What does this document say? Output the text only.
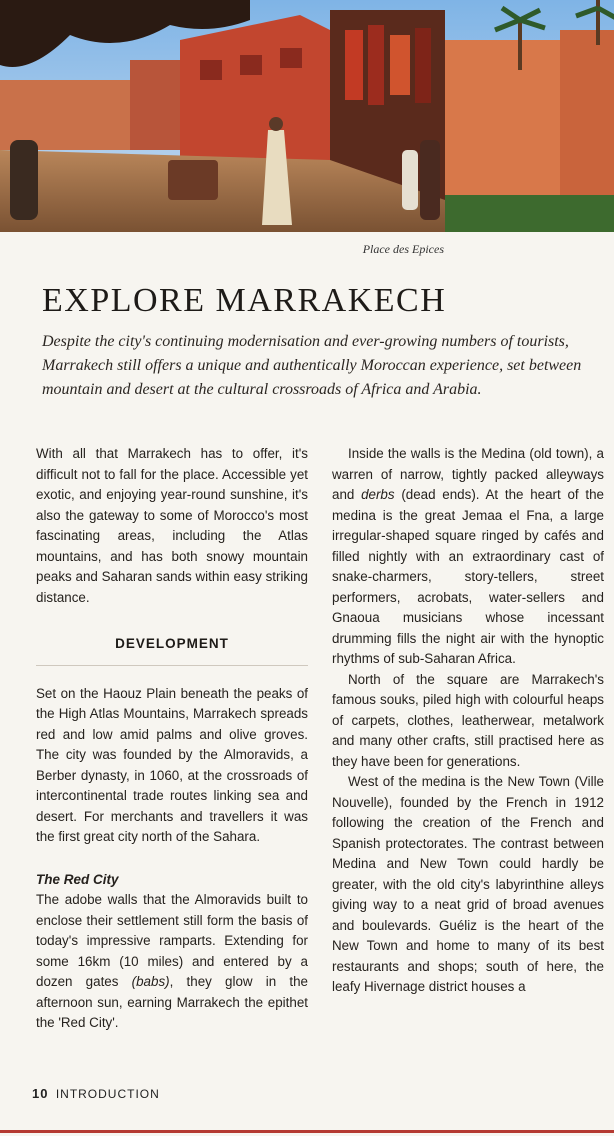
Place des Epices
EXPLORE MARRAKECH

Despite the city's continuing modernisation and ever-growing numbers of tourists, Marrakech still offers a unique and authentically Moroccan experience, set between mountain and desert at the cultural crossroads of Africa and Arabia.

With all that Marrakech has to offer, it's difficult not to fall for the place. Accessible yet exotic, and enjoying year-round sunshine, it's also the gateway to some of Morocco's most fascinating areas, including the Atlas mountains, and has both snowy mountain peaks and Saharan sands within easy striking distance.

DEVELOPMENT

Set on the Haouz Plain beneath the peaks of the High Atlas Mountains, Marrakech spreads red and low amid palms and olive groves. The city was founded by the Almoravids, a Berber dynasty, in 1060, at the crossroads of intercontinental trade routes linking sea and desert. For merchants and travellers it was the first great city north of the Sahara.

The Red City

The adobe walls that the Almoravids built to enclose their settlement still form the basis of today's impressive ramparts. Extending for some 16km (10 miles) and entered by a dozen gates (babs), they glow in the afternoon sun, earning Marrakech the epithet the 'Red City'.

Inside the walls is the Medina (old town), a warren of narrow, tightly packed alleyways and derbs (dead ends). At the heart of the medina is the great Jemaa el Fna, a large irregular-shaped square ringed by cafés and filled nightly with an extraordinary cast of snake-charmers, story-tellers, street performers, acrobats, water-sellers and Gnaoua musicians whose incessant drumming fills the night air with the hynoptic rhythms of sub-Saharan Africa.

North of the square are Marrakech's famous souks, piled high with colourful heaps of carpets, clothes, leatherwear, metalwork and many other crafts, still practised here as they have been for generations.

West of the medina is the New Town (Ville Nouvelle), founded by the French in 1912 following the creation of the French and Spanish protectorates. The contrast between Medina and New Town could hardly be greater, with the old city's labyrinthine alleys giving way to a neat grid of broad avenues and boulevards. Guéliz is the heart of the New Town and home to many of its best restaurants and shops; south of here, the leafy Hivernage district houses a

10 INTRODUCTION
